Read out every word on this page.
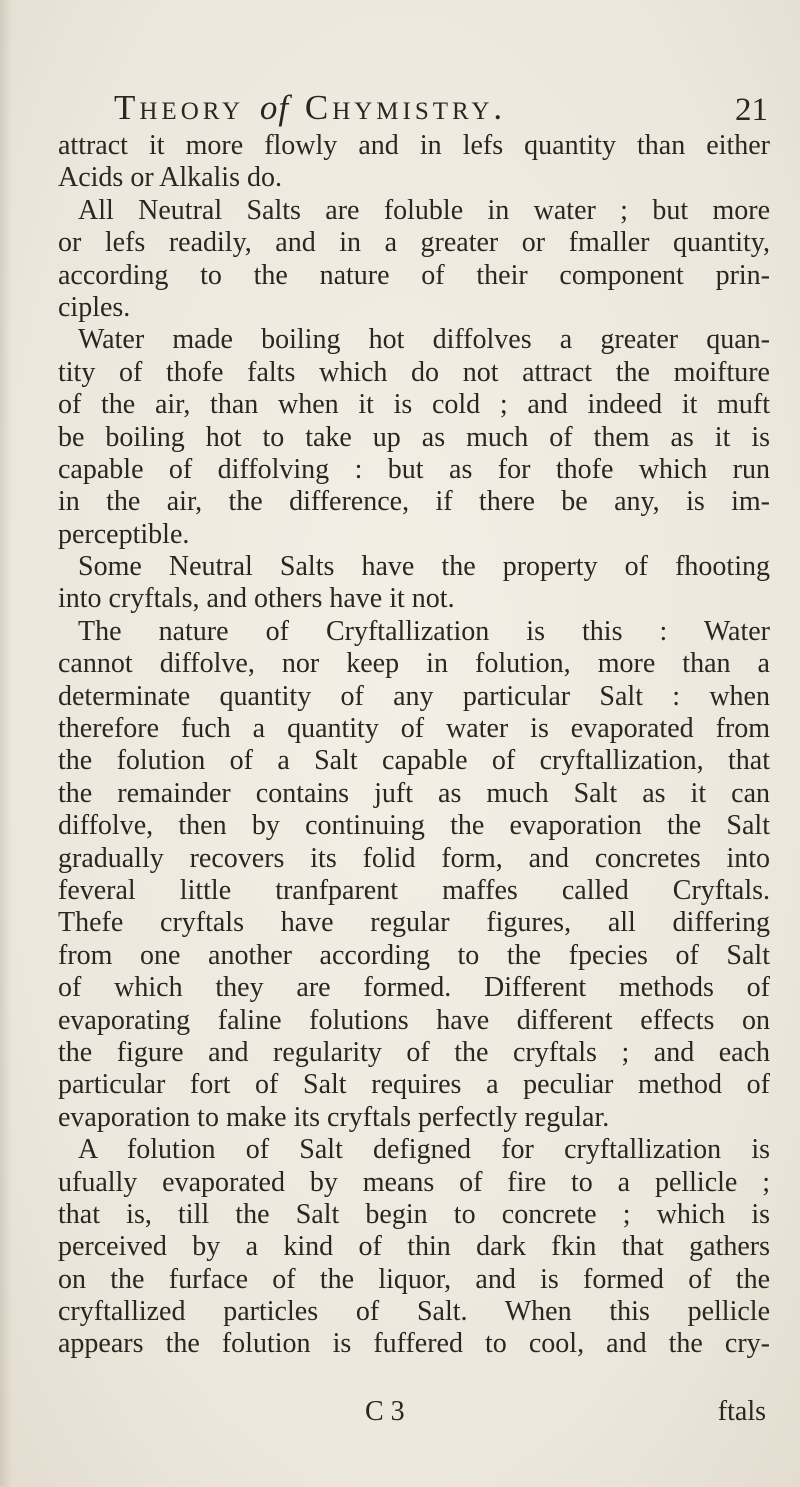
Theory of Chymistry.	21
attract it more flowly and in lefs quantity than either
Acids or Alkalis do.
All Neutral Salts are foluble in water ; but more
or lefs readily, and in a greater or fmaller quantity,
according to the nature of their component prin-
ciples.
Water made boiling hot diffolves a greater quan-
tity of thofe falts which do not attract the moifture
of the air, than when it is cold ; and indeed it muft
be boiling hot to take up as much of them as it is
capable of diffolving : but as for thofe which run
in the air, the difference, if there be any, is im-
perceptible.
Some Neutral Salts have the property of fhooting
into cryftals, and others have it not.
The nature of Cryftallization is this : Water
cannot diffolve, nor keep in folution, more than a
determinate quantity of any particular Salt : when
therefore fuch a quantity of water is evaporated from
the folution of a Salt capable of cryftallization, that
the remainder contains juft as much Salt as it can
diffolve, then by continuing the evaporation the Salt
gradually recovers its folid form, and concretes into
feveral little tranfparent maffes called Cryftals.
Thefe cryftals have regular figures, all differing
from one another according to the fpecies of Salt
of which they are formed. Different methods of
evaporating faline folutions have different effects on
the figure and regularity of the cryftals ; and each
particular fort of Salt requires a peculiar method of
evaporation to make its cryftals perfectly regular.
A folution of Salt defigned for cryftallization is
ufually evaporated by means of fire to a pellicle ;
that is, till the Salt begin to concrete ; which is
perceived by a kind of thin dark fkin that gathers
on the furface of the liquor, and is formed of the
cryftallized particles of Salt. When this pellicle
appears the folution is fuffered to cool, and the cry-
C 3	ftals
